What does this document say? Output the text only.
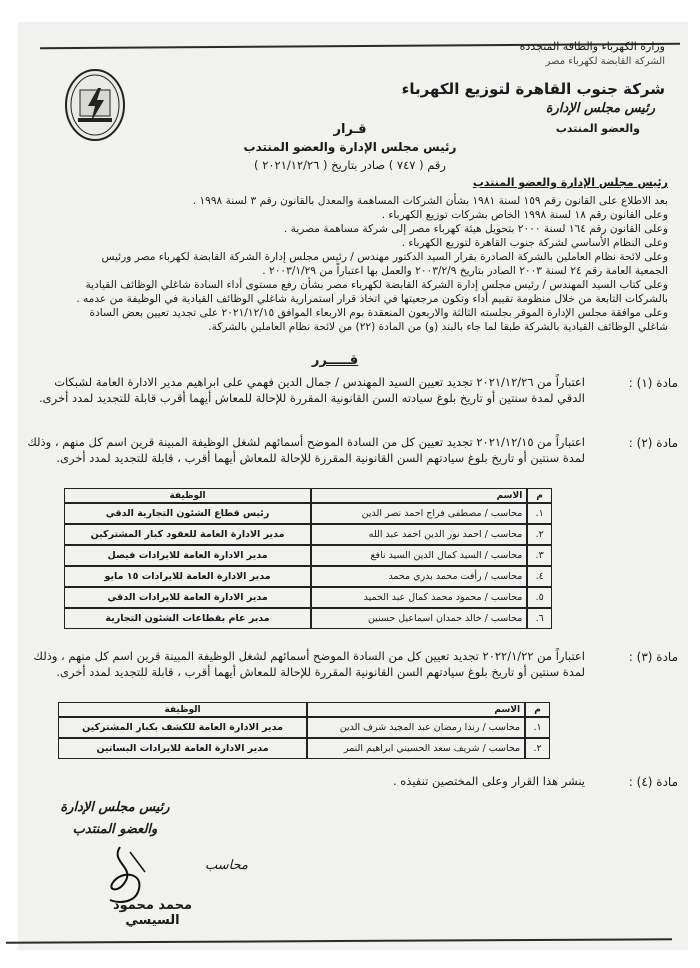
وزارة الكهرباء والطاقة المتجددة
الشركة القابضة لكهرباء مصر
شركة جنوب القاهرة لتوزيع الكهرباء
رئيس مجلس الإدارة
والعضو المنتدب
قـرار
رئيس مجلس الإدارة والعضو المنتدب
رقم ( ٧٤٧ ) صادر بتاريخ ( ٢٠٢١/١٢/٢٦ )
رئيس مجلس الإدارة والعضو المنتدب
بعد الاطلاع على القانون رقم ١٥٩ لسنة ١٩٨١ بشأن الشركات المساهمة والمعدل بالقانون رقم ٣ لسنة ١٩٩٨ .
وعلى القانون رقم ١٨ لسنة ١٩٩٨ الخاص بشركات توزيع الكهرباء .
وعلى القانون رقم ١٦٤ لسنة ٢٠٠٠ بتحويل هيئة كهرباء مصر إلى شركة مساهمة مصرية .
وعلى النظام الأساسي لشركة جنوب القاهرة لتوزيع الكهرباء .
وعلى لائحة نظام العاملين بالشركة الصادرة بقرار السيد الدكتور مهندس / رئيس مجلس إدارة الشركة القابضة لكهرباء مصر ورئيس الجمعية العامة رقم ٢٤ لسنة ٢٠٠٣ الصادر بتاريخ ٢٠٠٣/٢/٩ والعمل بها اعتباراً من ٢٠٠٣/١/٢٩ .
وعلى كتاب السيد المهندس / رئيس مجلس إدارة الشركة القابضة لكهرباء مصر بشأن رفع مستوى أداء السادة شاغلي الوظائف القيادية بالشركات التابعة من خلال منظومة تقييم أداء وتكون مرجعيتها في اتخاذ قرار استمرارية شاغلي الوظائف القيادية في الوظيفة من عدمه .
وعلى موافقة مجلس الإدارة الموقر بجلسته الثالثة والاربعون المنعقدة بوم الاربعاء الموافق ٢٠٢١/١٢/١٥ على تجديد تعيين بعض السادة شاغلي الوظائف القيادية بالشركة طبقا لما جاء بالبند (و) من المادة (٢٢) من لائحة نظام العاملين بالشركة.
قـــــرر
مادة (١) :
اعتباراً من ٢٠٢١/١٢/٢٦ تجديد تعيين السيد المهندس / جمال الدين فهمي على ابراهيم مدير الادارة العامة لشبكات الدقي لمدة سنتين أو تاريخ بلوغ سيادته السن القانونية المقررة للإحالة للمعاش أيهما أقرب قابلة للتجديد لمدد أخرى.
مادة (٢) :
اعتباراً من ٢٠٢١/١٢/١٥ تجديد تعيين كل من السادة الموضح أسمائهم لشغل الوظيفة المبينة قرين اسم كل منهم ، وذلك لمدة سنتين أو تاريخ بلوغ سيادتهم السن القانونية المقررة للإحالة للمعاش أيهما أقرب ، قابلة للتجديد لمدد أخرى.
م	الاسم	الوظيفة
١.	محاسب / مصطفى فراج احمد نصر الدين	رئيس قطاع الشئون التجارية الدقي
٢.	محاسب / احمد نور الدين احمد عبد الله	مدير الادارة العامة للعقود كبار المشتركين
٣.	محاسب / السيد كمال الدين السيد نافع	مدير الادارة العامة للايرادات فيصل
٤.	محاسب / رأفت محمد بدري محمد	مدير الادارة العامة للايرادات ١٥ مايو
٥.	محاسب / محمود محمد كمال عبد الحميد	مدير الادارة العامة للايرادات الدقي
٦.	محاسب / خالد حمدان اسماعيل حسنين	مدير عام بقطاعات الشئون التجارية
مادة (٣) :
اعتباراً من ٢٠٢٢/١/٢٢ تجديد تعيين كل من السادة الموضح أسمائهم لشغل الوظيفة المبينة قرين اسم كل منهم ، وذلك لمدة سنتين أو تاريخ بلوغ سيادتهم السن القانونية المقررة للإحالة للمعاش أيهما أقرب ، قابلة للتجديد لمدد أخرى.
م	الاسم	الوظيفة
١.	محاسب / رندا رمضان عبد المجيد شرف الدين	مدير الادارة العامة للكشف بكبار المشتركين
٢.	محاسب / شريف سعد الحسيني ابراهيم النمر	مدير الادارة العامة للايرادات البساتين
مادة (٤) :
ينشر هذا القرار وعلى المختصين تنفيذه .
رئيس مجلس الإدارة
والعضو المنتدب
محاسب
محمد محمود السيسي
